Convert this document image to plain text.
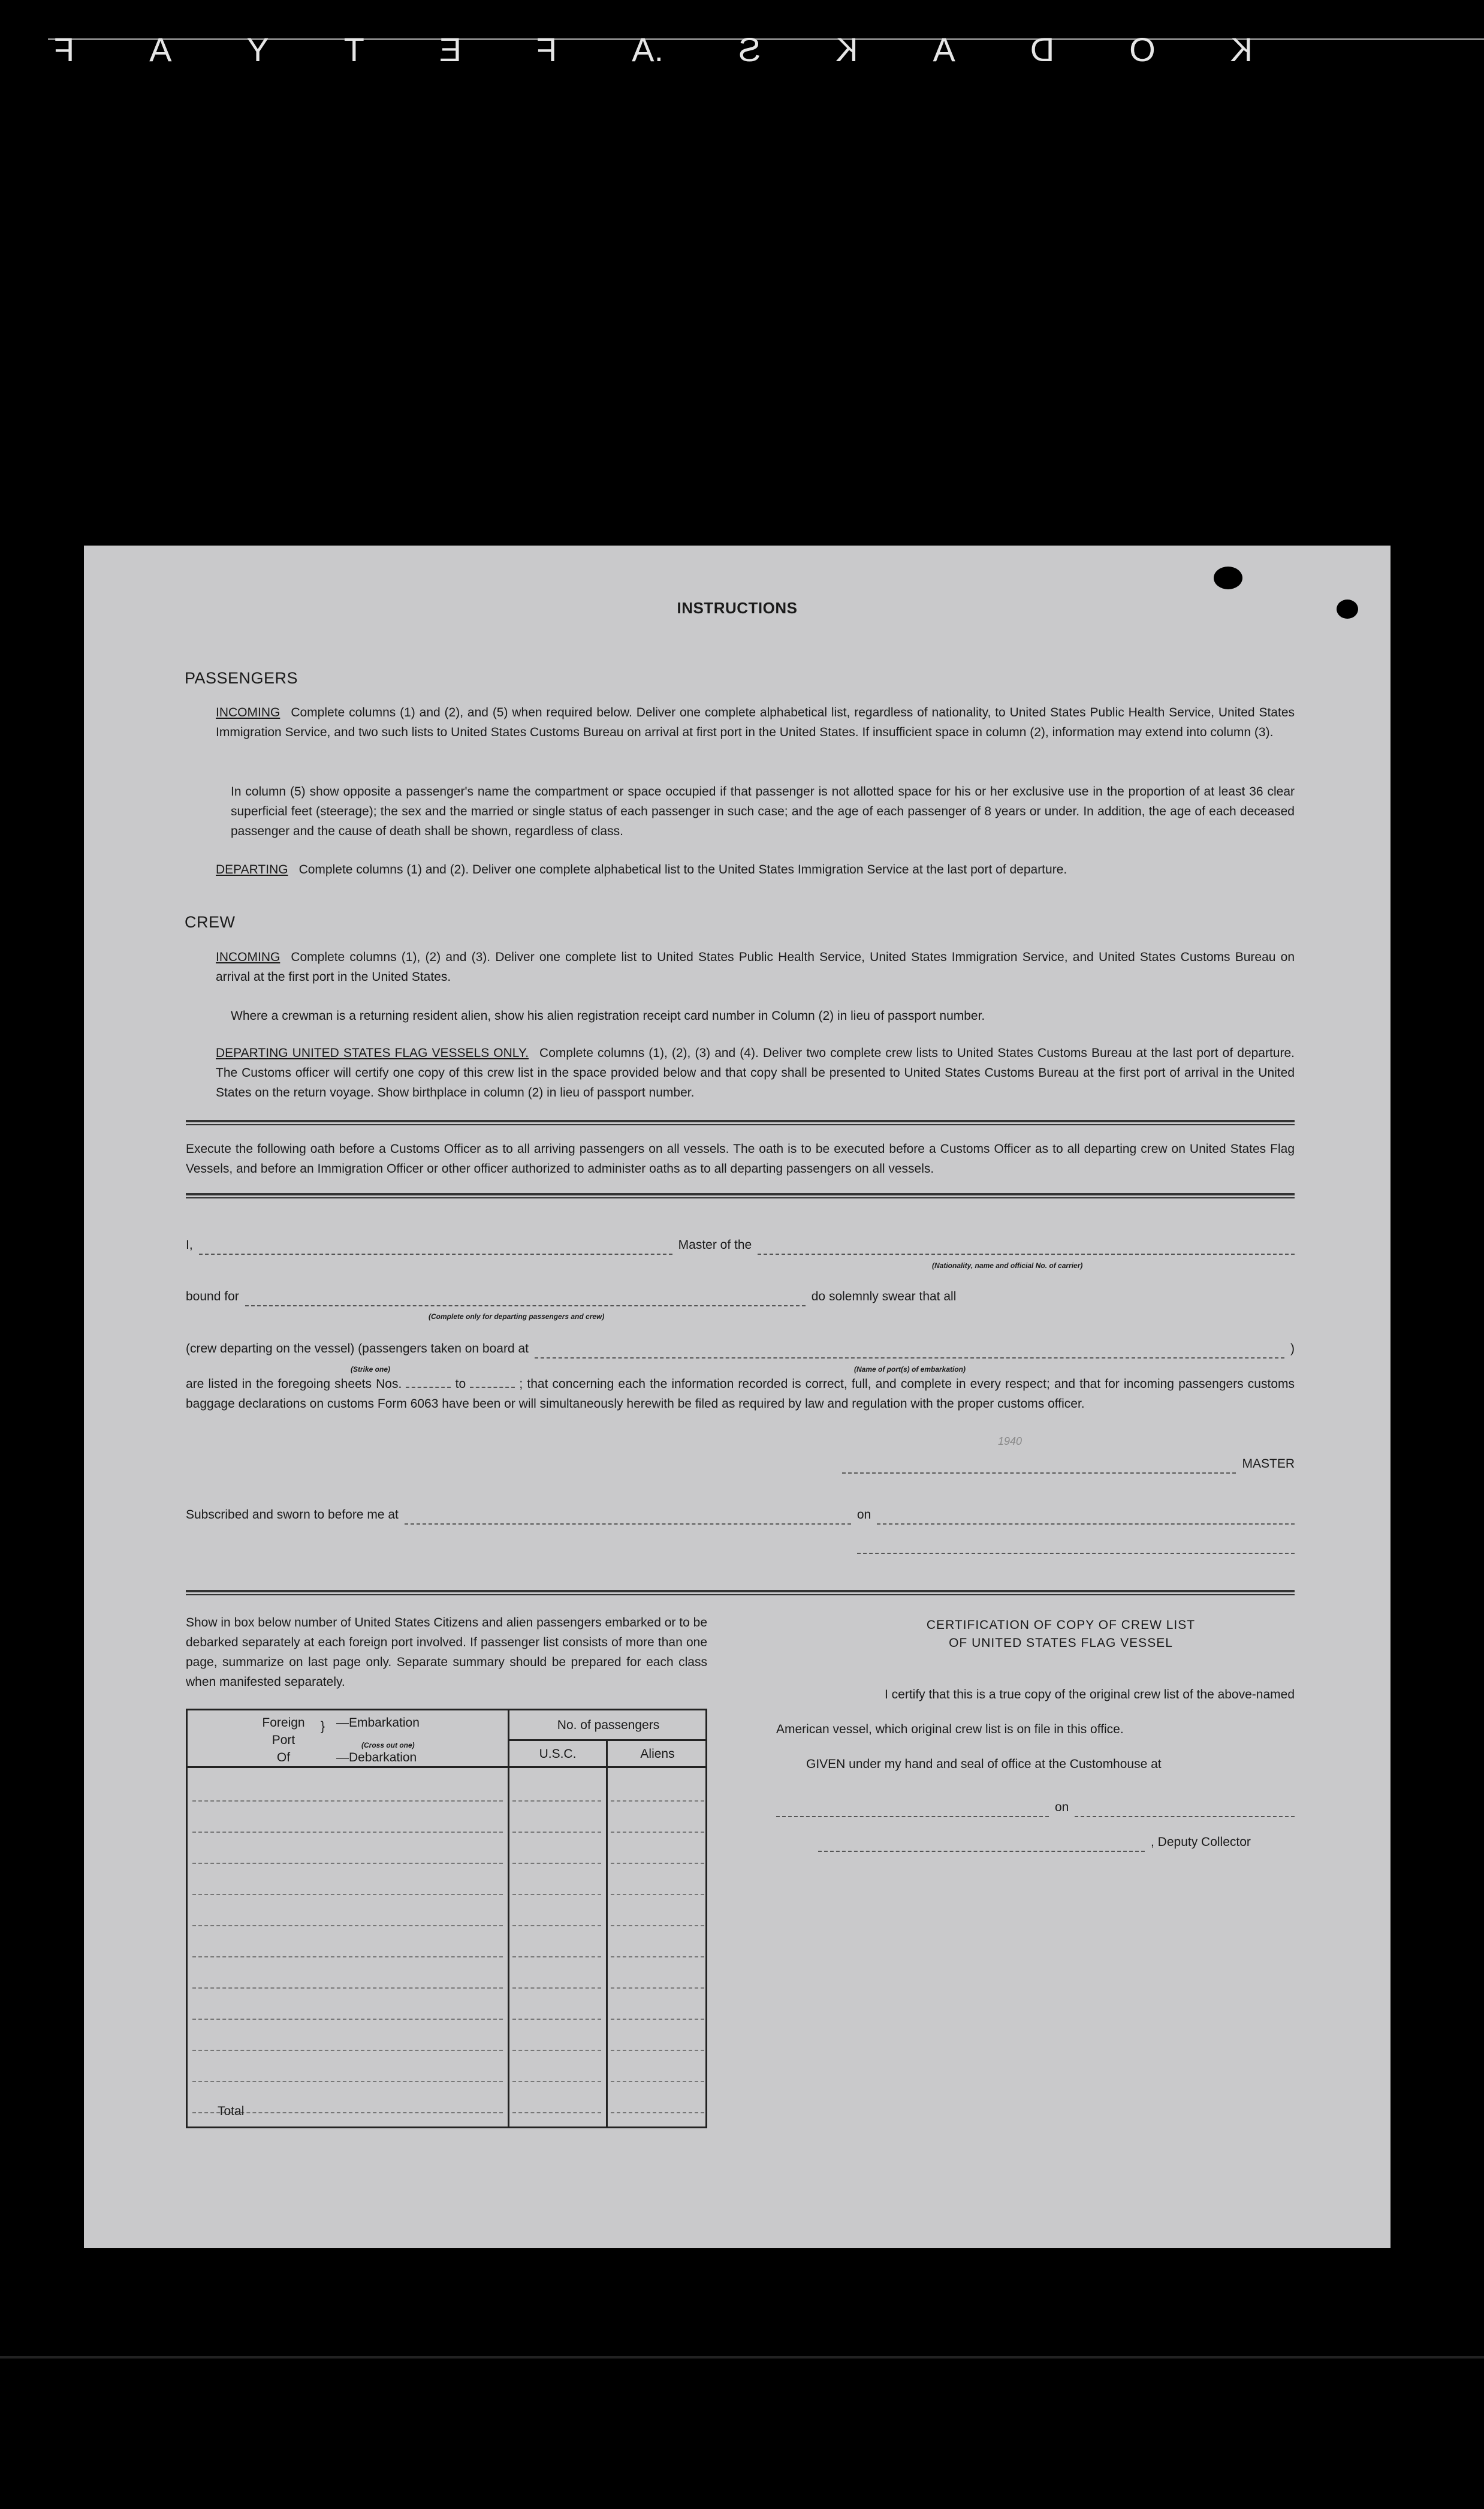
K
O
D
A
K
S
.A
F
E
T
Y
A
F
INSTRUCTIONS
PASSENGERS
INCOMING Complete columns (1) and (2), and (5) when required below. Deliver one complete alphabetical list, regardless of nationality, to United States Public Health Service, United States Immigration Service, and two such lists to United States Customs Bureau on arrival at first port in the United States. If insufficient space in column (2), information may extend into column (3).
In column (5) show opposite a passenger's name the compartment or space occupied if that passenger is not allotted space for his or her exclusive use in the proportion of at least 36 clear superficial feet (steerage); the sex and the married or single status of each passenger in such case; and the age of each passenger of 8 years or under. In addition, the age of each deceased passenger and the cause of death shall be shown, regardless of class.
DEPARTING Complete columns (1) and (2). Deliver one complete alphabetical list to the United States Immigration Service at the last port of departure.
CREW
INCOMING Complete columns (1), (2) and (3). Deliver one complete list to United States Public Health Service, United States Immigration Service, and United States Customs Bureau on arrival at the first port in the United States.
Where a crewman is a returning resident alien, show his alien registration receipt card number in Column (2) in lieu of passport number.
DEPARTING UNITED STATES FLAG VESSELS ONLY. Complete columns (1), (2), (3) and (4). Deliver two complete crew lists to United States Customs Bureau at the last port of departure. The Customs officer will certify one copy of this crew list in the space provided below and that copy shall be presented to United States Customs Bureau at the first port of arrival in the United States on the return voyage. Show birthplace in column (2) in lieu of passport number.
Execute the following oath before a Customs Officer as to all arriving passengers on all vessels. The oath is to be executed before a Customs Officer as to all departing crew on United States Flag Vessels, and before an Immigration Officer or other officer authorized to administer oaths as to all departing passengers on all vessels.
I,	Master of the
(Nationality, name and official No. of carrier)
bound for	do solemnly swear that all
(Complete only for departing passengers and crew)
(crew departing on the vessel) (passengers taken on board at	)
(Strike one)	(Name of port(s) of embarkation)
are listed in the foregoing sheets Nos.	to	; that concerning each the information recorded is correct, full, and complete in every respect; and that for incoming passengers customs baggage declarations on customs Form 6063 have been or will simultaneously herewith be filed as required by law and regulation with the proper customs officer.
1940
MASTER
Subscribed and sworn to before me at	on
Show in box below number of United States Citizens and alien passengers embarked or to be debarked separately at each foreign port involved. If passenger list consists of more than one page, summarize on last page only. Separate summary should be prepared for each class when manifested separately.
Foreign
Port
Of
} —Embarkation
(Cross out one)
—Debarkation
No. of passengers
U.S.C.	Aliens
Total
CERTIFICATION OF COPY OF CREW LIST
OF UNITED STATES FLAG VESSEL
I certify that this is a true copy of the original crew list of the above-named
American vessel, which original crew list is on file in this office.
GIVEN under my hand and seal of office at the Customhouse at
on
, Deputy Collector
